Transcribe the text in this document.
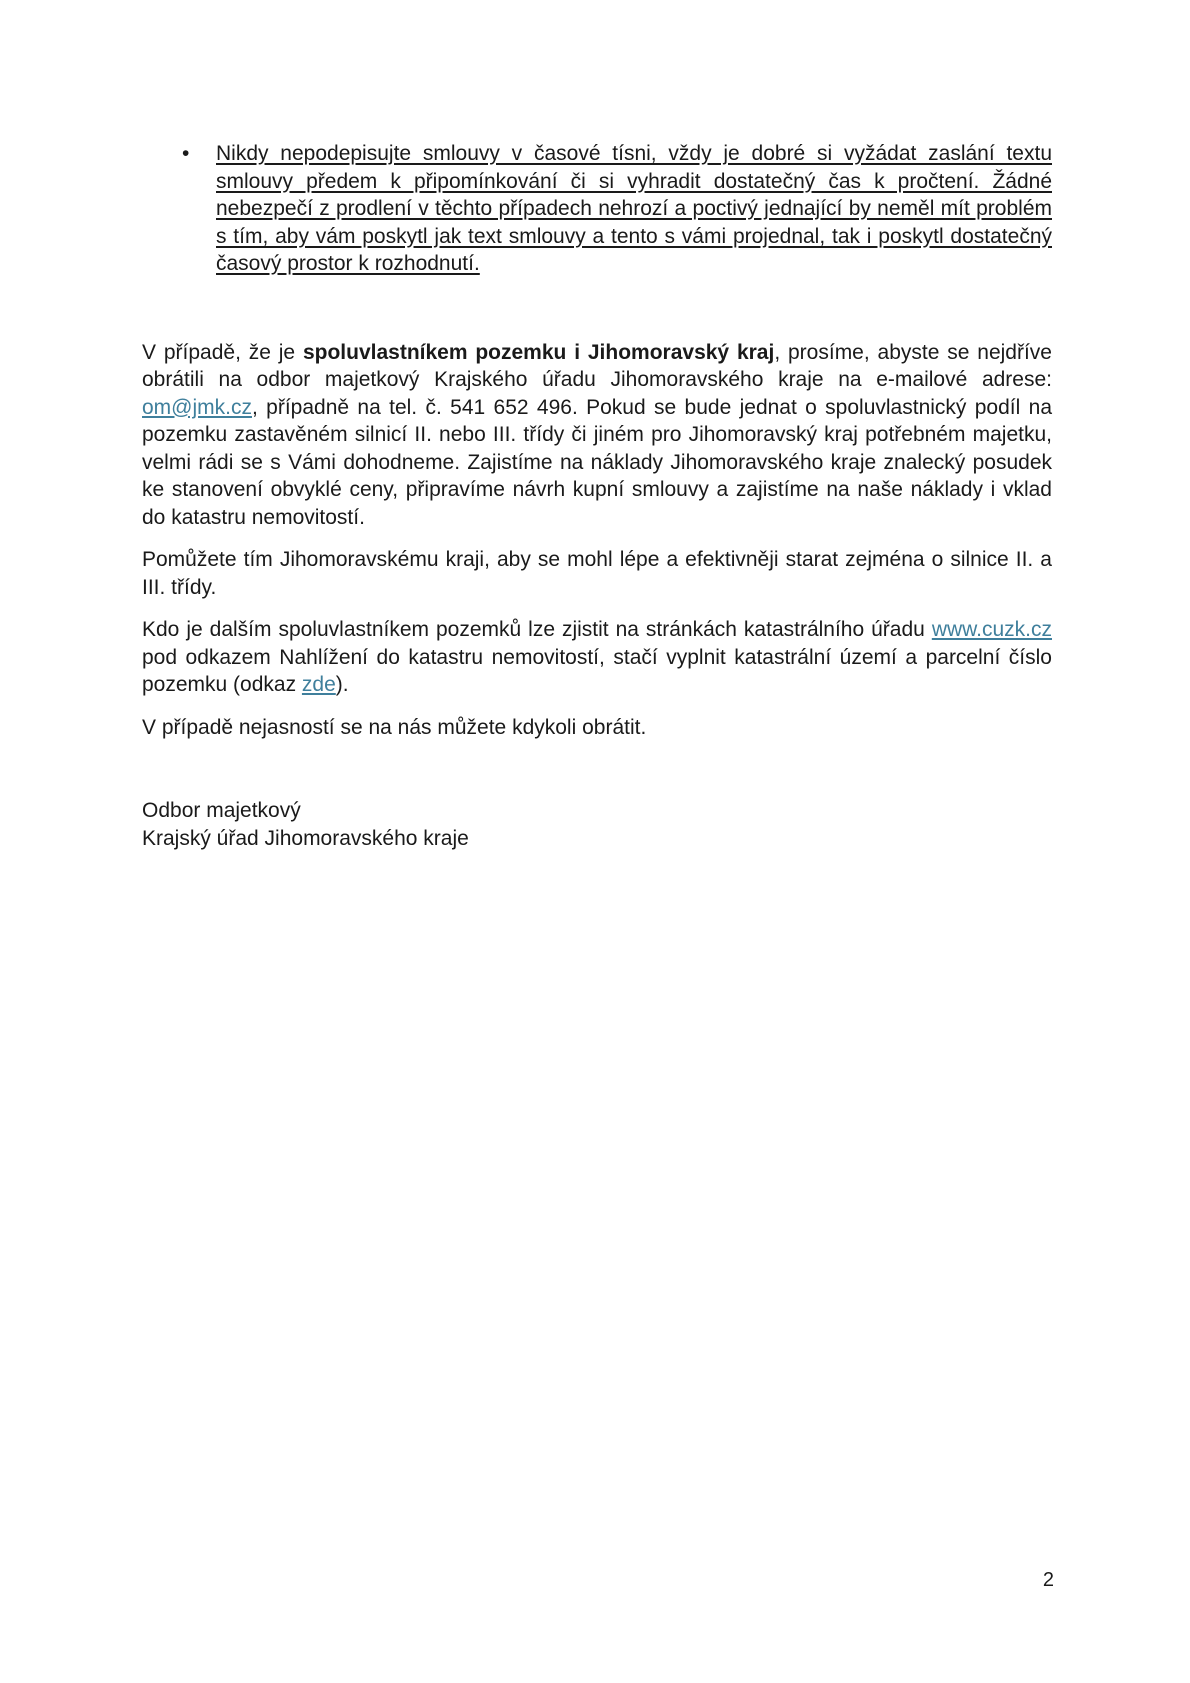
• Nikdy nepodepisujte smlouvy v časové tísni, vždy je dobré si vyžádat zaslání textu smlouvy předem k připomínkování či si vyhradit dostatečný čas k pročtení. Žádné nebezpečí z prodlení v těchto případech nehrozí a poctivý jednající by neměl mít problém s tím, aby vám poskytl jak text smlouvy a tento s vámi projednal, tak i poskytl dostatečný časový prostor k rozhodnutí.

V případě, že je spoluvlastníkem pozemku i Jihomoravský kraj, prosíme, abyste se nejdříve obrátili na odbor majetkový Krajského úřadu Jihomoravského kraje na e-mailové adrese: om@jmk.cz, případně na tel. č. 541 652 496. Pokud se bude jednat o spoluvlastnický podíl na pozemku zastavěném silnicí II. nebo III. třídy či jiném pro Jihomoravský kraj potřebném majetku, velmi rádi se s Vámi dohodneme. Zajistíme na náklady Jihomoravského kraje znalecký posudek ke stanovení obvyklé ceny, připravíme návrh kupní smlouvy a zajistíme na naše náklady i vklad do katastru nemovitostí.

Pomůžete tím Jihomoravskému kraji, aby se mohl lépe a efektivněji starat zejména o silnice II. a III. třídy.

Kdo je dalším spoluvlastníkem pozemků lze zjistit na stránkách katastrálního úřadu www.cuzk.cz pod odkazem Nahlížení do katastru nemovitostí, stačí vyplnit katastrální území a parcelní číslo pozemku (odkaz zde).

V případě nejasností se na nás můžete kdykoli obrátit.

Odbor majetkový
Krajský úřad Jihomoravského kraje
2
